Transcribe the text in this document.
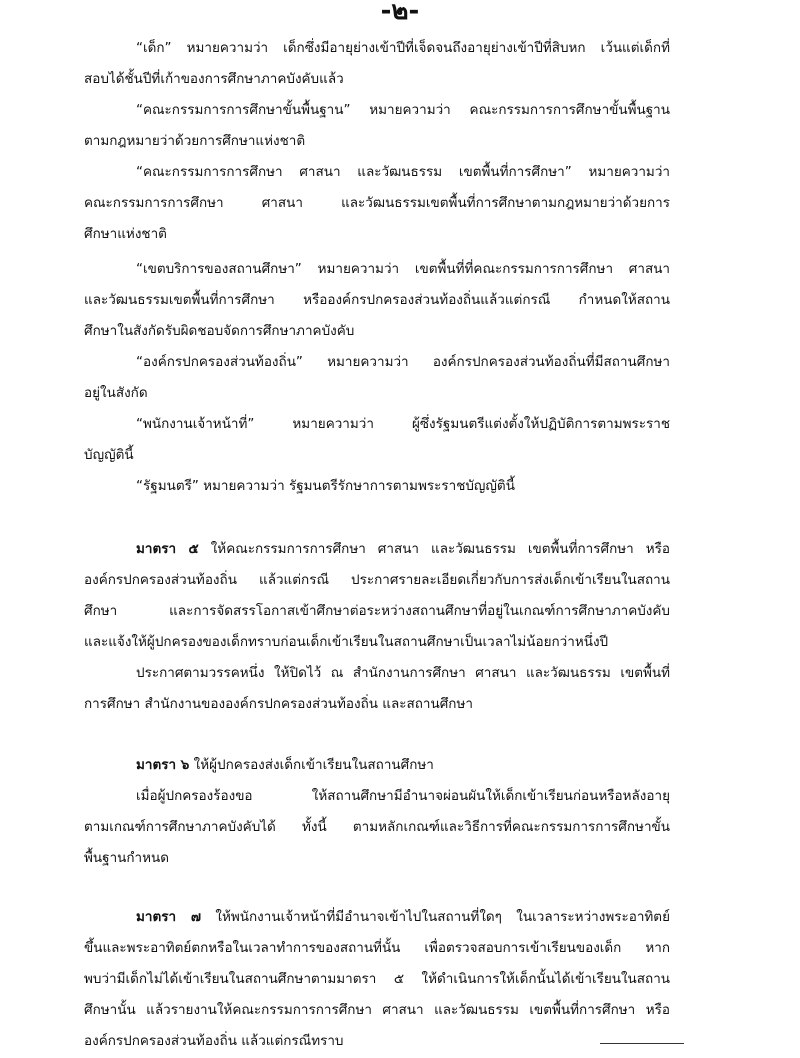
-๒-
“เด็ก” หมายความว่า เด็กซึ่งมีอายุย่างเข้าปีที่เจ็ดจนถึงอายุย่างเข้าปีที่สิบหก เว้นแต่เด็กที่
สอบได้ชั้นปีที่เก้าของการศึกษาภาคบังคับแล้ว
“คณะกรรมการการศึกษาขั้นพื้นฐาน” หมายความว่า คณะกรรมการการศึกษาขั้นพื้นฐาน
ตามกฎหมายว่าด้วยการศึกษาแห่งชาติ
“คณะกรรมการการศึกษา ศาสนา และวัฒนธรรม เขตพื้นที่การศึกษา” หมายความว่า
คณะกรรมการการศึกษา ศาสนา และวัฒนธรรมเขตพื้นที่การศึกษาตามกฎหมายว่าด้วยการ
ศึกษาแห่งชาติ
“เขตบริการของสถานศึกษา” หมายความว่า เขตพื้นที่ที่คณะกรรมการการศึกษา ศาสนา
และวัฒนธรรมเขตพื้นที่การศึกษา หรือองค์กรปกครองส่วนท้องถิ่นแล้วแต่กรณี กำหนดให้สถาน
ศึกษาในสังกัดรับผิดชอบจัดการศึกษาภาคบังคับ
“องค์กรปกครองส่วนท้องถิ่น” หมายความว่า องค์กรปกครองส่วนท้องถิ่นที่มีสถานศึกษา
อยู่ในสังกัด
“พนักงานเจ้าหน้าที่” หมายความว่า ผู้ซึ่งรัฐมนตรีแต่งตั้งให้ปฏิบัติการตามพระราช
บัญญัตินี้
“รัฐมนตรี” หมายความว่า รัฐมนตรีรักษาการตามพระราชบัญญัตินี้
มาตรา ๕ ให้คณะกรรมการการศึกษา ศาสนา และวัฒนธรรม เขตพื้นที่การศึกษา หรือ
องค์กรปกครองส่วนท้องถิ่น แล้วแต่กรณี ประกาศรายละเอียดเกี่ยวกับการส่งเด็กเข้าเรียนในสถาน
ศึกษา และการจัดสรรโอกาสเข้าศึกษาต่อระหว่างสถานศึกษาที่อยู่ในเกณฑ์การศึกษาภาคบังคับ
และแจ้งให้ผู้ปกครองของเด็กทราบก่อนเด็กเข้าเรียนในสถานศึกษาเป็นเวลาไม่น้อยกว่าหนึ่งปี
ประกาศตามวรรคหนึ่ง ให้ปิดไว้ ณ สำนักงานการศึกษา ศาสนา และวัฒนธรรม เขตพื้นที่
การศึกษา สำนักงานขององค์กรปกครองส่วนท้องถิ่น และสถานศึกษา
มาตรา ๖ ให้ผู้ปกครองส่งเด็กเข้าเรียนในสถานศึกษา
เมื่อผู้ปกครองร้องขอ ให้สถานศึกษามีอำนาจผ่อนผันให้เด็กเข้าเรียนก่อนหรือหลังอายุ
ตามเกณฑ์การศึกษาภาคบังคับได้ ทั้งนี้ ตามหลักเกณฑ์และวิธีการที่คณะกรรมการการศึกษาขั้น
พื้นฐานกำหนด
มาตรา ๗ ให้พนักงานเจ้าหน้าที่มีอำนาจเข้าไปในสถานที่ใดๆ ในเวลาระหว่างพระอาทิตย์
ขึ้นและพระอาทิตย์ตกหรือในเวลาทำการของสถานที่นั้น เพื่อตรวจสอบการเข้าเรียนของเด็ก หาก
พบว่ามีเด็กไม่ได้เข้าเรียนในสถานศึกษาตามมาตรา ๕ ให้ดำเนินการให้เด็กนั้นได้เข้าเรียนในสถาน
ศึกษานั้น แล้วรายงานให้คณะกรรมการการศึกษา ศาสนา และวัฒนธรรม เขตพื้นที่การศึกษา หรือ
องค์กรปกครองส่วนท้องถิ่น แล้วแต่กรณีทราบ
